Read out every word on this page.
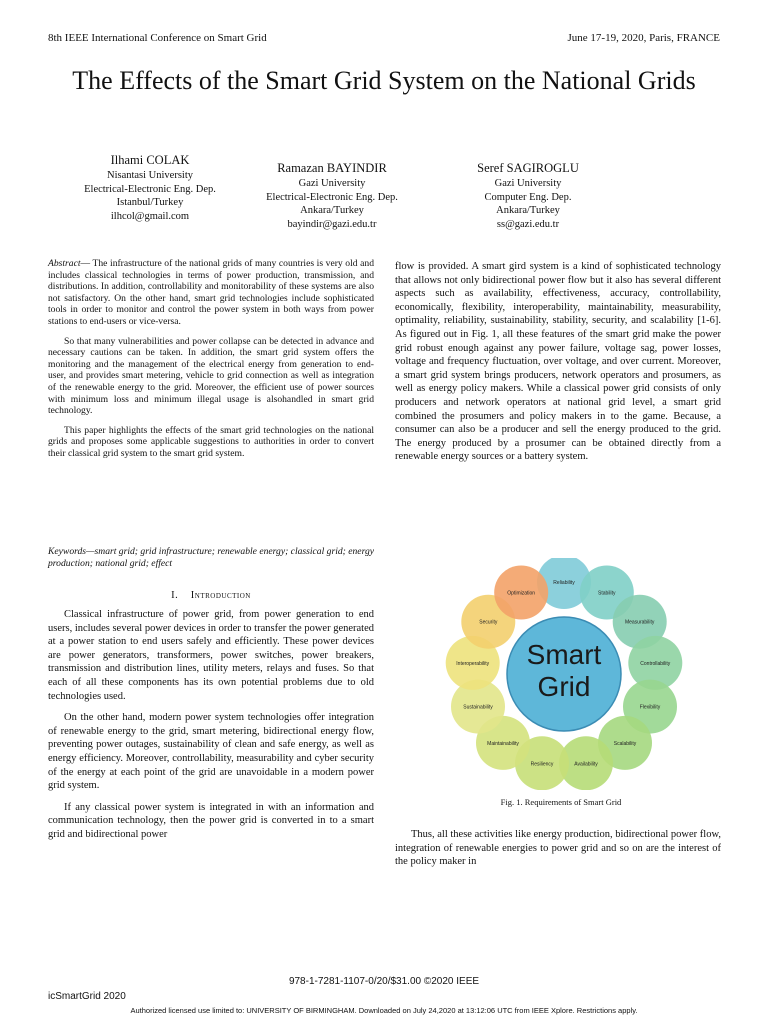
8th IEEE International Conference on Smart Grid	June 17-19, 2020, Paris, FRANCE
The Effects of the Smart Grid System on the National Grids
Ilhami COLAK
Nisantasi University
Electrical-Electronic Eng. Dep.
Istanbul/Turkey
ilhcol@gmail.com
Ramazan BAYINDIR
Gazi University
Electrical-Electronic Eng. Dep.
Ankara/Turkey
bayindir@gazi.edu.tr
Seref SAGIROGLU
Gazi University
Computer Eng. Dep.
Ankara/Turkey
ss@gazi.edu.tr

Abstract— The infrastructure of the national grids of many countries is very old and includes classical technologies in terms of power production, transmission, and distributions. In addition, controllability and monitorability of these systems are also not satisfactory. On the other hand, smart grid technologies include sophisticated tools in order to monitor and control the power system in both ways from power stations to end-users or vice-versa.

So that many vulnerabilities and power collapse can be detected in advance and necessary cautions can be taken. In addition, the smart grid system offers the monitoring and the management of the electrical energy from generation to end-user, and provides smart metering, vehicle to grid connection as well as integration of the renewable energy to the grid. Moreover, the efficient use of power sources with minimum loss and minimum illegal usage is alsohandled in smart grid technology.

This paper highlights the effects of the smart grid technologies on the national grids and proposes some applicable suggestions to authorities in order to convert their classical grid system to the smart grid system.

Keywords—smart grid; grid infrastructure; renewable energy; classical grid; energy production; national grid; effect
I. Introduction

Classical infrastructure of power grid, from power generation to end users, includes several power devices in order to transfer the power generated at a power station to end users safely and efficiently. These power devices are power generators, transformers, power switches, power breakers, transmission and distribution lines, utility meters, relays and fuses. So that each of all these components has its own potential problems due to old technologies used.

On the other hand, modern power system technologies offer integration of renewable energy to the grid, smart metering, bidirectional energy flow, preventing power outages, sustainability of clean and safe energy, as well as energy efficiency. Moreover, controllability, measurability and cyber security of the energy at each point of the grid are unavoidable in a modern power grid system.

If any classical power system is integrated in with an information and communication technology, then the power grid is converted in to a smart grid and bidirectional power

flow is provided. A smart gird system is a kind of sophisticated technology that allows not only bidirectional power flow but it also has several different aspects such as availability, effectiveness, accuracy, controllability, economically, flexibility, interoperability, maintainability, measurability, optimality, reliability, sustainability, stability, security, and scalability [1-6]. As figured out in Fig. 1, all these features of the smart grid make the power grid robust enough against any power failure, voltage sag, power losses, voltage and frequency fluctuation, over voltage, and over current. Moreover, a smart grid system brings producers, network operators and prosumers, as well as energy policy makers. While a classical power grid consists of only producers and network operators at national grid level, a smart grid combined the prosumers and policy makers in to the game. Because, a consumer can also be a producer and sell the energy produced to the grid. The energy produced by a prosumer can be obtained directly from a renewable energy sources or a battery system.

Reliability
Stability
Measurability
Controllability
Flexibility
Scalability
Availability
Resiliency
Maintainability
Sustainability
Interoperability
Security
Optimization
Smart
Grid
Fig. 1. Requirements of Smart Grid

Thus, all these activities like energy production, bidirectional power flow, integration of renewable energies to power grid and so on are the interest of the policy maker in

978-1-7281-1107-0/20/$31.00 ©2020 IEEE
icSmartGrid 2020
Authorized licensed use limited to: UNIVERSITY OF BIRMINGHAM. Downloaded on July 24,2020 at 13:12:06 UTC from IEEE Xplore. Restrictions apply.
